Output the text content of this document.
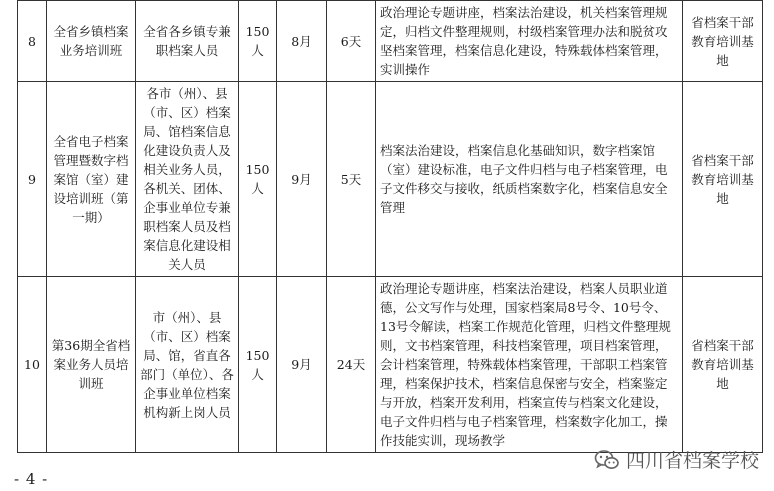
8	全省乡镇档案业务培训班	全省各乡镇专兼职档案人员	150人	8月	6天	政治理论专题讲座，档案法治建设，机关档案管理规定，归档文件整理规则，村级档案管理办法和脱贫攻坚档案管理，档案信息化建设，特殊载体档案管理，实训操作	省档案干部教育培训基地
9	全省电子档案管理暨数字档案馆（室）建设培训班（第一期）	各市（州）、县（市、区）档案局、馆档案信息化建设负责人及相关业务人员，各机关、团体、企事业单位专兼职档案人员及档案信息化建设相关人员	150人	9月	5天	档案法治建设，档案信息化基础知识，数字档案馆（室）建设标准，电子文件归档与电子档案管理，电子文件移交与接收，纸质档案数字化，档案信息安全管理	省档案干部教育培训基地
10	第36期全省档案业务人员培训班	市（州）、县（市、区）档案局、馆，省直各部门（单位）、各企事业单位档案机构新上岗人员	150人	9月	24天	政治理论专题讲座，档案法治建设，档案人员职业道德，公文写作与处理，国家档案局8号令、10号令、13号令解读，档案工作规范化管理，归档文件整理规则，文书档案管理，科技档案管理，项目档案管理，会计档案管理，特殊载体档案管理，干部职工档案管理，档案保护技术，档案信息保密与安全，档案鉴定与开放，档案开发利用，档案宣传与档案文化建设，电子文件归档与电子档案管理，档案数字化加工，操作技能实训，现场教学	省档案干部教育培训基地
- 4 -
四川省档案学校
